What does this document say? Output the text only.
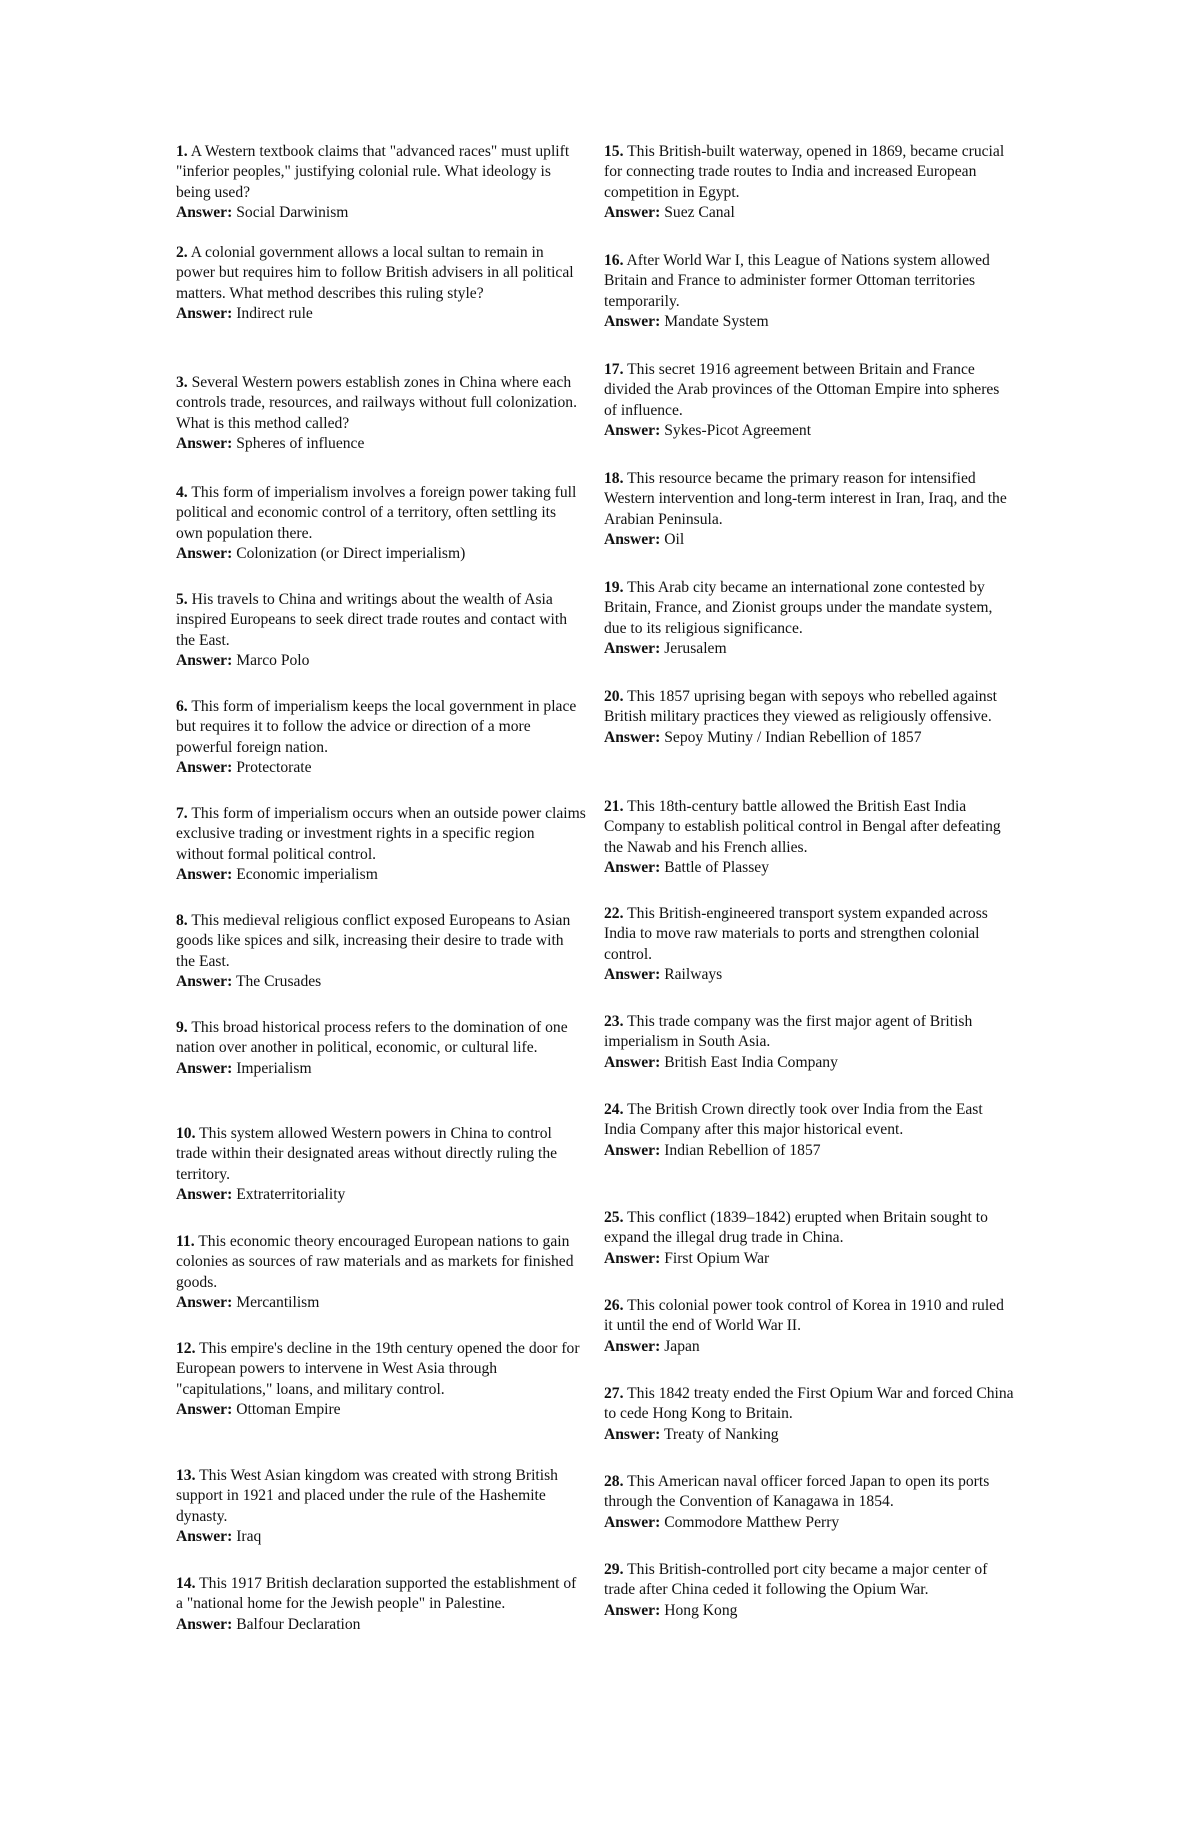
1. A Western textbook claims that "advanced races" must uplift "inferior peoples," justifying colonial rule. What ideology is being used?
Answer: Social Darwinism
2. A colonial government allows a local sultan to remain in power but requires him to follow British advisers in all political matters. What method describes this ruling style?
Answer: Indirect rule
3. Several Western powers establish zones in China where each controls trade, resources, and railways without full colonization. What is this method called?
Answer: Spheres of influence
4. This form of imperialism involves a foreign power taking full political and economic control of a territory, often settling its own population there.
Answer: Colonization (or Direct imperialism)
5. His travels to China and writings about the wealth of Asia inspired Europeans to seek direct trade routes and contact with the East.
Answer: Marco Polo
6. This form of imperialism keeps the local government in place but requires it to follow the advice or direction of a more powerful foreign nation.
Answer: Protectorate
7. This form of imperialism occurs when an outside power claims exclusive trading or investment rights in a specific region without formal political control.
Answer: Economic imperialism
8. This medieval religious conflict exposed Europeans to Asian goods like spices and silk, increasing their desire to trade with the East.
Answer: The Crusades
9. This broad historical process refers to the domination of one nation over another in political, economic, or cultural life.
Answer: Imperialism
10. This system allowed Western powers in China to control trade within their designated areas without directly ruling the territory.
Answer: Extraterritoriality
11. This economic theory encouraged European nations to gain colonies as sources of raw materials and as markets for finished goods.
Answer: Mercantilism
12. This empire's decline in the 19th century opened the door for European powers to intervene in West Asia through "capitulations," loans, and military control.
Answer: Ottoman Empire
13. This West Asian kingdom was created with strong British support in 1921 and placed under the rule of the Hashemite dynasty.
Answer: Iraq
14. This 1917 British declaration supported the establishment of a "national home for the Jewish people" in Palestine.
Answer: Balfour Declaration
15. This British-built waterway, opened in 1869, became crucial for connecting trade routes to India and increased European competition in Egypt.
Answer: Suez Canal
16. After World War I, this League of Nations system allowed Britain and France to administer former Ottoman territories temporarily.
Answer: Mandate System
17. This secret 1916 agreement between Britain and France divided the Arab provinces of the Ottoman Empire into spheres of influence.
Answer: Sykes-Picot Agreement
18. This resource became the primary reason for intensified Western intervention and long-term interest in Iran, Iraq, and the Arabian Peninsula.
Answer: Oil
19. This Arab city became an international zone contested by Britain, France, and Zionist groups under the mandate system, due to its religious significance.
Answer: Jerusalem
20. This 1857 uprising began with sepoys who rebelled against British military practices they viewed as religiously offensive.
Answer: Sepoy Mutiny / Indian Rebellion of 1857
21. This 18th-century battle allowed the British East India Company to establish political control in Bengal after defeating the Nawab and his French allies.
Answer: Battle of Plassey
22. This British-engineered transport system expanded across India to move raw materials to ports and strengthen colonial control.
Answer: Railways
23. This trade company was the first major agent of British imperialism in South Asia.
Answer: British East India Company
24. The British Crown directly took over India from the East India Company after this major historical event.
Answer: Indian Rebellion of 1857
25. This conflict (1839–1842) erupted when Britain sought to expand the illegal drug trade in China.
Answer: First Opium War
26. This colonial power took control of Korea in 1910 and ruled it until the end of World War II.
Answer: Japan
27. This 1842 treaty ended the First Opium War and forced China to cede Hong Kong to Britain.
Answer: Treaty of Nanking
28. This American naval officer forced Japan to open its ports through the Convention of Kanagawa in 1854.
Answer: Commodore Matthew Perry
29. This British-controlled port city became a major center of trade after China ceded it following the Opium War.
Answer: Hong Kong
